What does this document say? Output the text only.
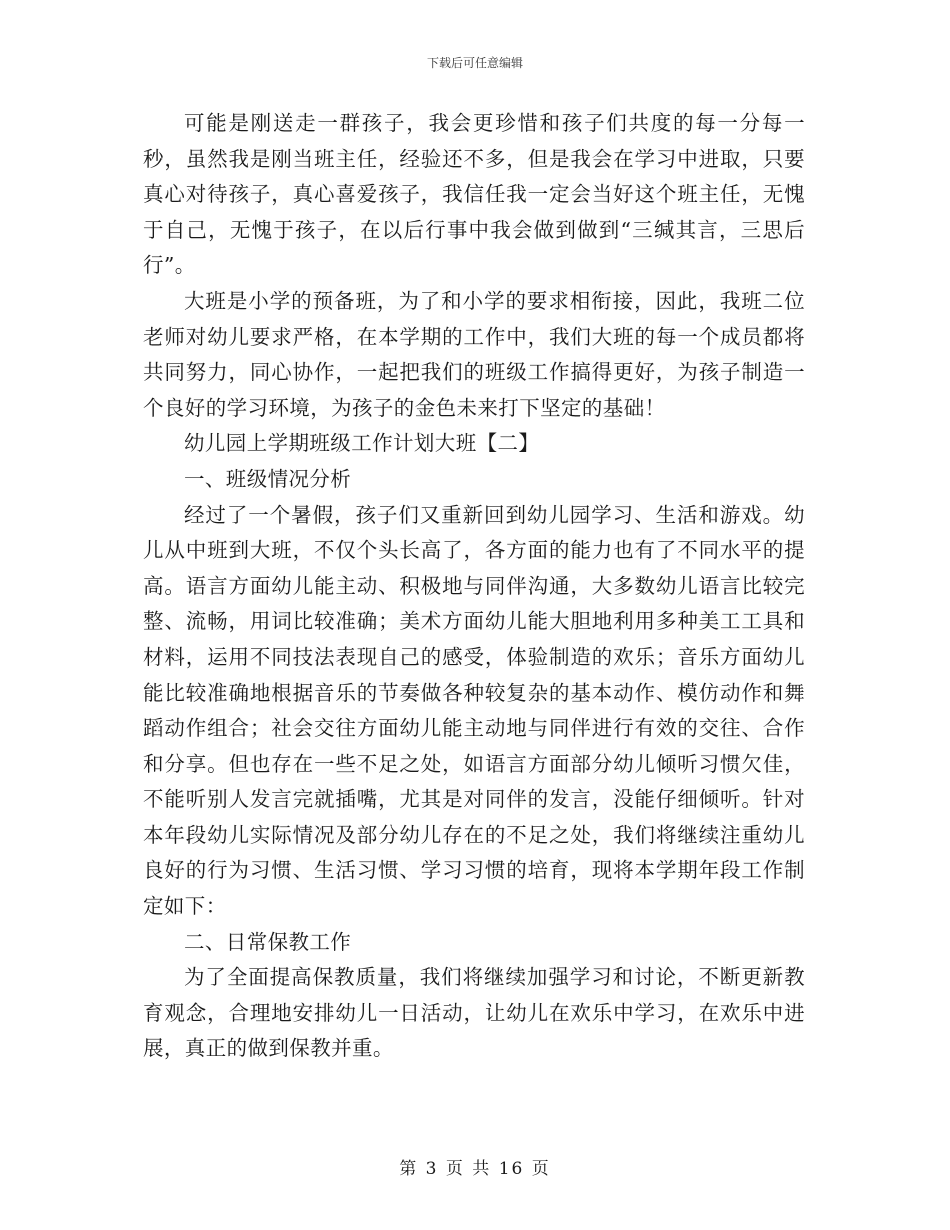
下载后可任意编辑

可能是刚送走一群孩子，我会更珍惜和孩子们共度的每一分每一秒，虽然我是刚当班主任，经验还不多，但是我会在学习中进取，只要真心对待孩子，真心喜爱孩子，我信任我一定会当好这个班主任，无愧于自己，无愧于孩子，在以后行事中我会做到做到“三缄其言，三思后行”。

大班是小学的预备班，为了和小学的要求相衔接，因此，我班二位老师对幼儿要求严格，在本学期的工作中，我们大班的每一个成员都将共同努力，同心协作，一起把我们的班级工作搞得更好，为孩子制造一个良好的学习环境，为孩子的金色未来打下坚定的基础！

幼儿园上学期班级工作计划大班【二】

一、班级情况分析

经过了一个暑假，孩子们又重新回到幼儿园学习、生活和游戏。幼儿从中班到大班，不仅个头长高了，各方面的能力也有了不同水平的提高。语言方面幼儿能主动、积极地与同伴沟通，大多数幼儿语言比较完整、流畅，用词比较准确；美术方面幼儿能大胆地利用多种美工工具和材料，运用不同技法表现自己的感受，体验制造的欢乐；音乐方面幼儿能比较准确地根据音乐的节奏做各种较复杂的基本动作、模仿动作和舞蹈动作组合；社会交往方面幼儿能主动地与同伴进行有效的交往、合作和分享。但也存在一些不足之处，如语言方面部分幼儿倾听习惯欠佳，不能听别人发言完就插嘴，尤其是对同伴的发言，没能仔细倾听。针对本年段幼儿实际情况及部分幼儿存在的不足之处，我们将继续注重幼儿良好的行为习惯、生活习惯、学习习惯的培育，现将本学期年段工作制定如下：

二、日常保教工作

为了全面提高保教质量，我们将继续加强学习和讨论，不断更新教育观念，合理地安排幼儿一日活动，让幼儿在欢乐中学习，在欢乐中进展，真正的做到保教并重。

第 3 页 共 16 页
